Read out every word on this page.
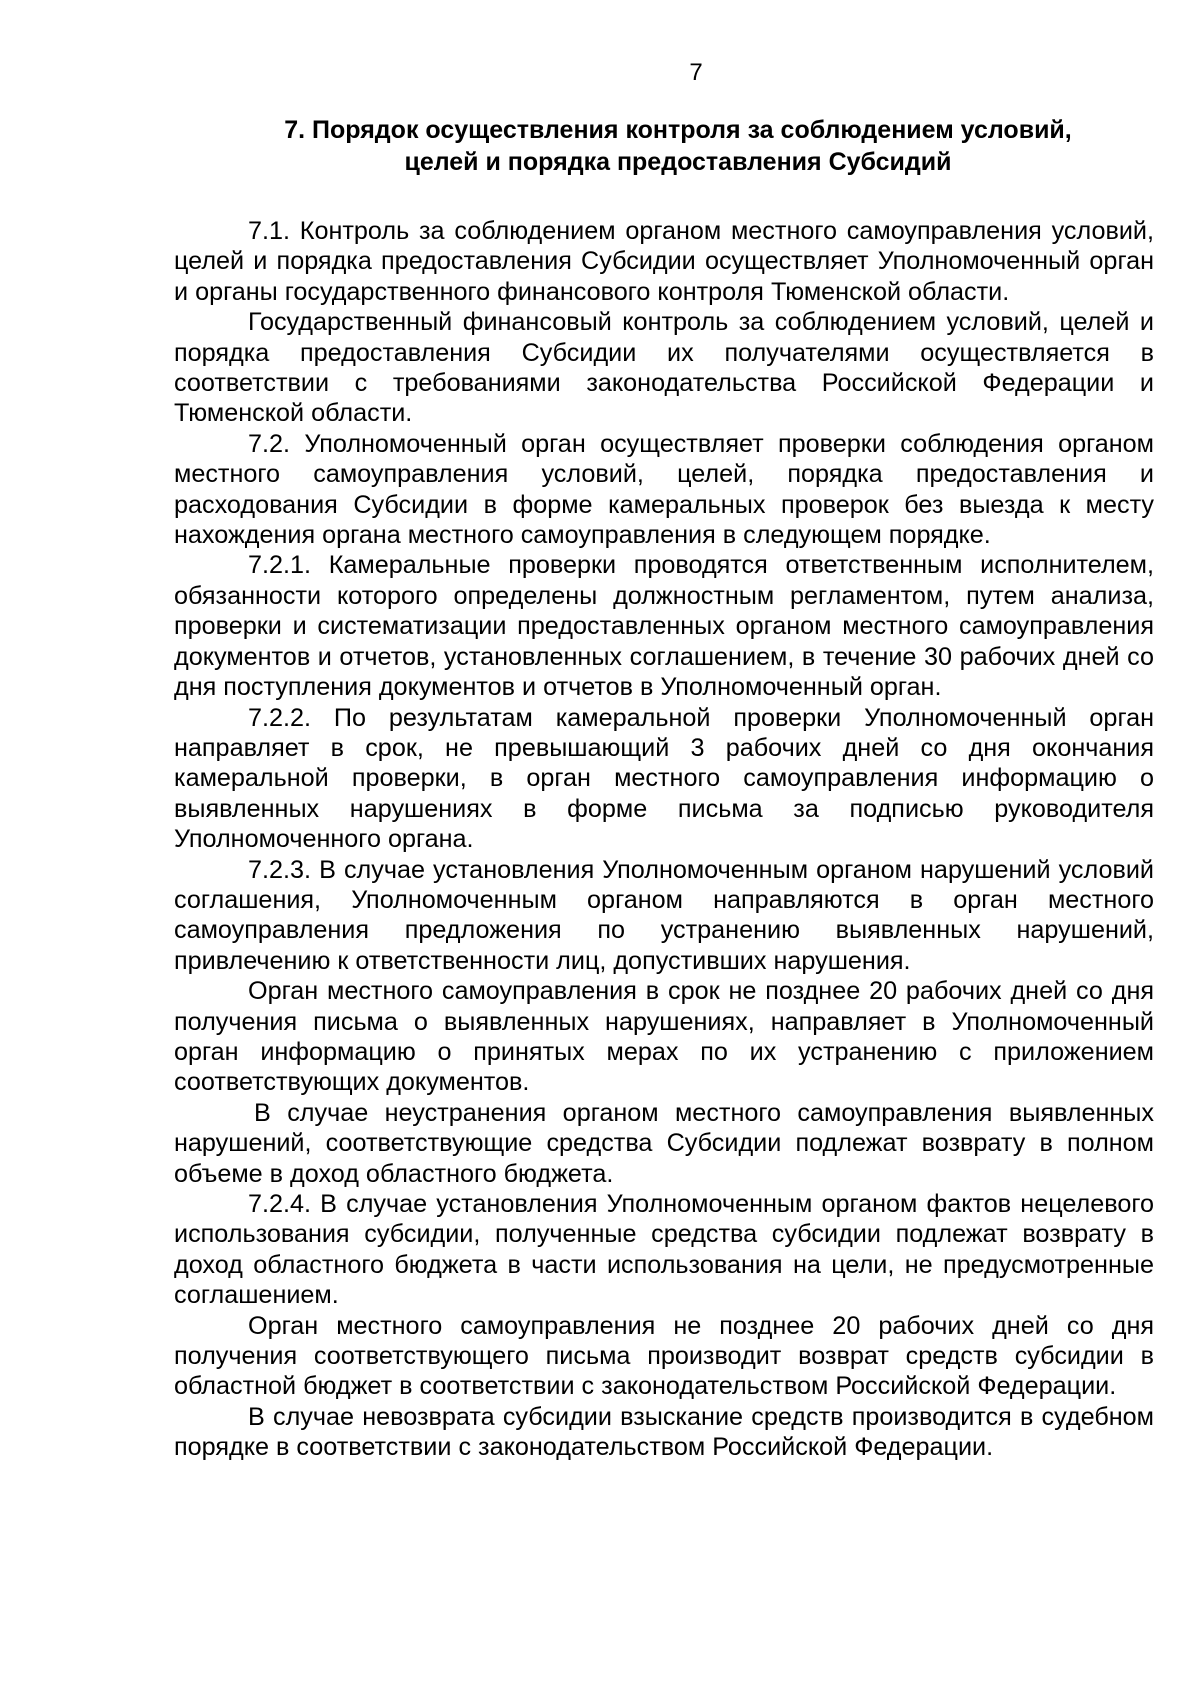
7
7. Порядок осуществления контроля за соблюдением условий,
целей и порядка предоставления Субсидий

7.1. Контроль за соблюдением органом местного самоуправления условий, целей и порядка предоставления Субсидии осуществляет Уполномоченный орган и органы государственного финансового контроля Тюменской области.

Государственный финансовый контроль за соблюдением условий, целей и порядка предоставления Субсидии их получателями осуществляется в соответствии с требованиями законодательства Российской Федерации и Тюменской области.

7.2. Уполномоченный орган осуществляет проверки соблюдения органом местного самоуправления условий, целей, порядка предоставления и расходования Субсидии в форме камеральных проверок без выезда к месту нахождения органа местного самоуправления в следующем порядке.

7.2.1. Камеральные проверки проводятся ответственным исполнителем, обязанности которого определены должностным регламентом, путем анализа, проверки и систематизации предоставленных органом местного самоуправления документов и отчетов, установленных соглашением, в течение 30 рабочих дней со дня поступления документов и отчетов в Уполномоченный орган.

7.2.2. По результатам камеральной проверки Уполномоченный орган направляет в срок, не превышающий 3 рабочих дней со дня окончания камеральной проверки, в орган местного самоуправления информацию о выявленных нарушениях в форме письма за подписью руководителя Уполномоченного органа.

7.2.3. В случае установления Уполномоченным органом нарушений условий соглашения, Уполномоченным органом направляются в орган местного самоуправления предложения по устранению выявленных нарушений, привлечению к ответственности лиц, допустивших нарушения.

Орган местного самоуправления в срок не позднее 20 рабочих дней со дня получения письма о выявленных нарушениях, направляет в Уполномоченный орган информацию о принятых мерах по их устранению с приложением соответствующих документов.

В случае неустранения органом местного самоуправления выявленных нарушений, соответствующие средства Субсидии подлежат возврату в полном объеме в доход областного бюджета.

7.2.4. В случае установления Уполномоченным органом фактов нецелевого использования субсидии, полученные средства субсидии подлежат возврату в доход областного бюджета в части использования на цели, не предусмотренные соглашением.

Орган местного самоуправления не позднее 20 рабочих дней со дня получения соответствующего письма производит возврат средств субсидии в областной бюджет в соответствии с законодательством Российской Федерации.

В случае невозврата субсидии взыскание средств производится в судебном порядке в соответствии с законодательством Российской Федерации.
